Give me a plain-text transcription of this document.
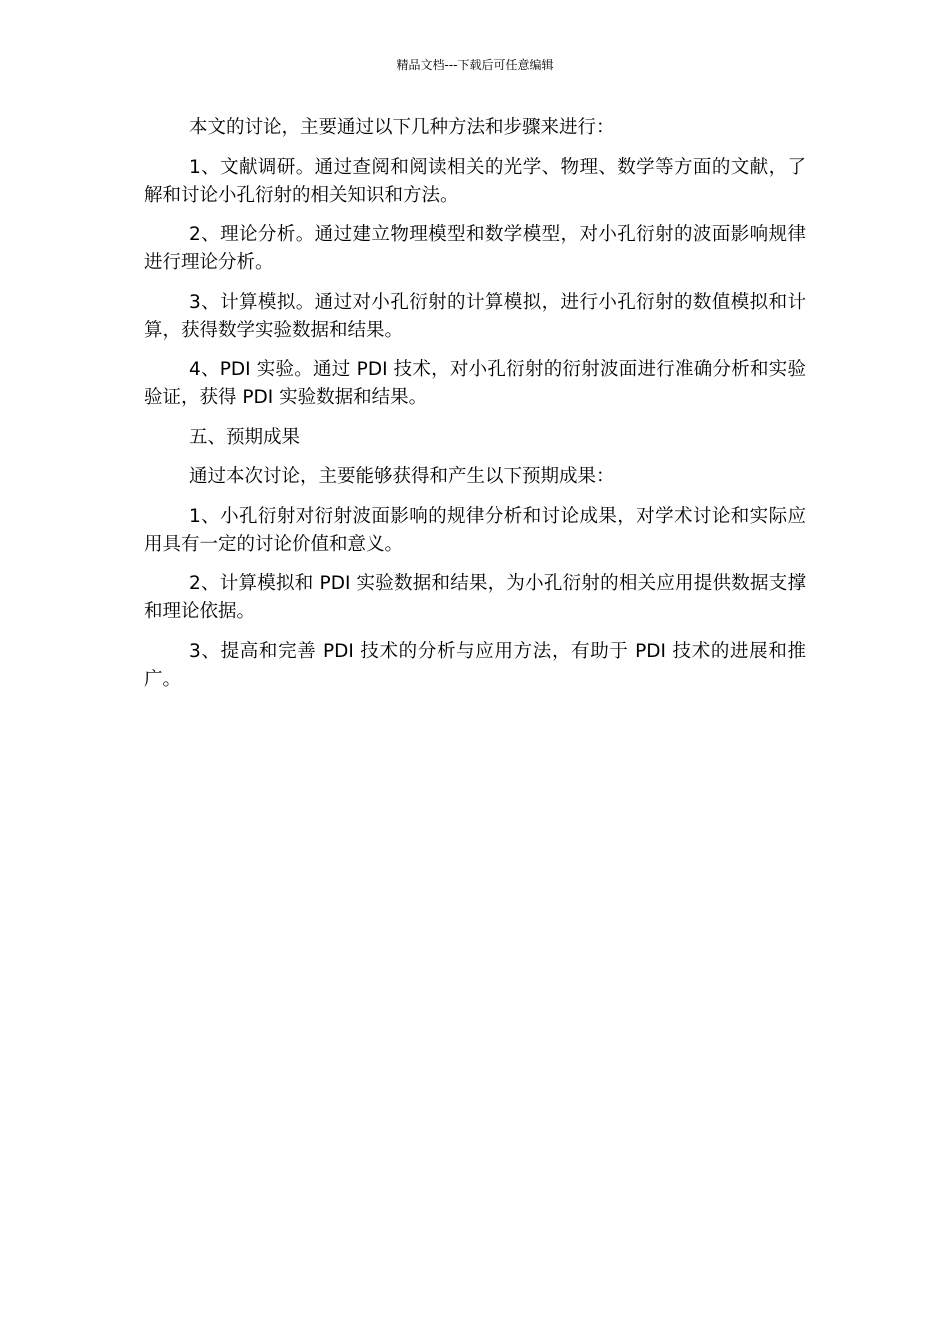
精品文档---下载后可任意编辑

本文的讨论，主要通过以下几种方法和步骤来进行：

1、文献调研。通过查阅和阅读相关的光学、物理、数学等方面的文献，了解和讨论小孔衍射的相关知识和方法。

2、理论分析。通过建立物理模型和数学模型，对小孔衍射的波面影响规律进行理论分析。

3、计算模拟。通过对小孔衍射的计算模拟，进行小孔衍射的数值模拟和计算，获得数学实验数据和结果。

4、PDI 实验。通过 PDI 技术，对小孔衍射的衍射波面进行准确分析和实验验证，获得 PDI 实验数据和结果。

五、预期成果

通过本次讨论，主要能够获得和产生以下预期成果：

1、小孔衍射对衍射波面影响的规律分析和讨论成果，对学术讨论和实际应用具有一定的讨论价值和意义。

2、计算模拟和 PDI 实验数据和结果，为小孔衍射的相关应用提供数据支撑和理论依据。

3、提高和完善 PDI 技术的分析与应用方法，有助于 PDI 技术的进展和推广。
